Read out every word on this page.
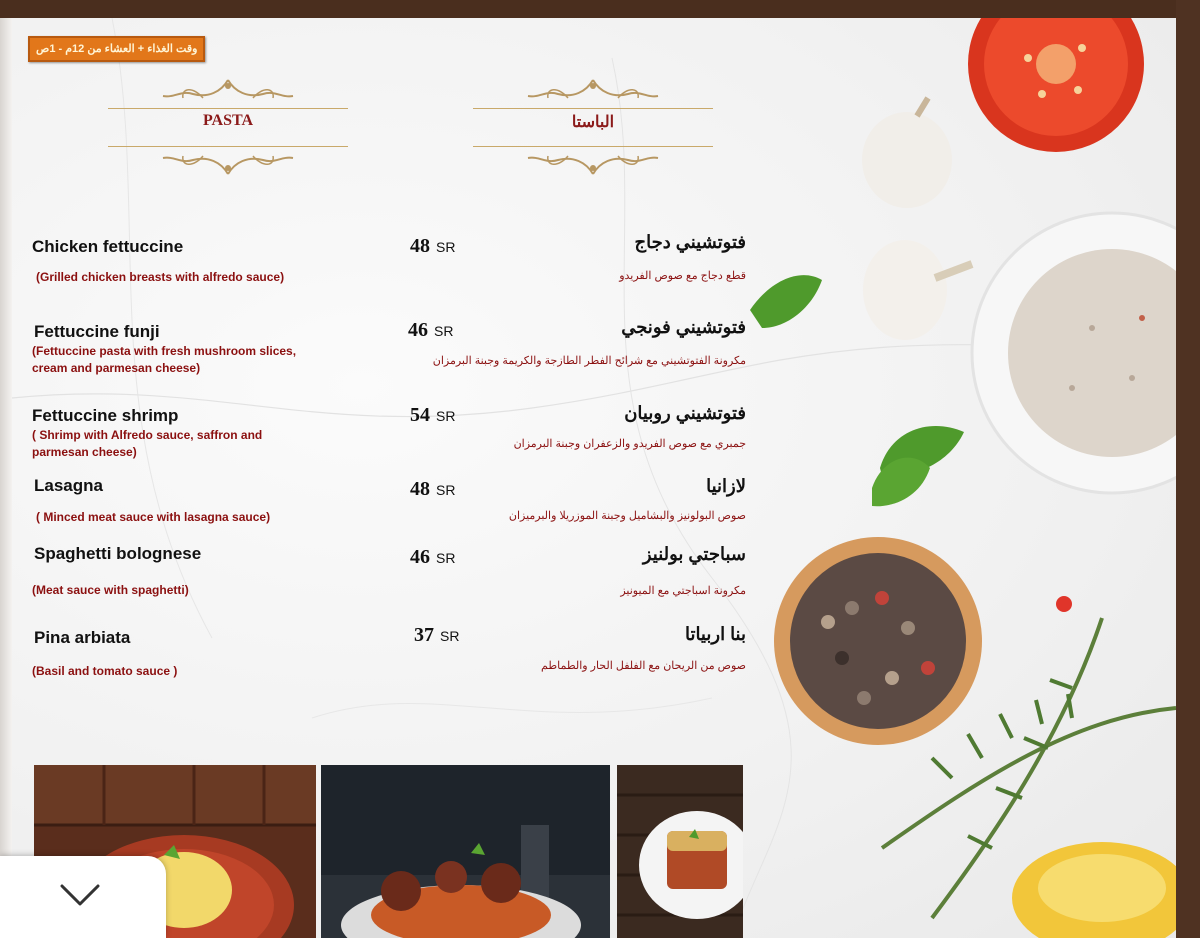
وقت الغذاء + العشاء من 12م - 1ص
PASTA	الباستا
Chicken fettuccine
(Grilled chicken breasts with alfredo sauce)
48 SR	فتوتشيني دجاج
قطع دجاج مع صوص الفريدو
Fettuccine funji
(Fettuccine pasta with fresh mushroom slices,
cream and parmesan cheese)
46 SR	فتوتشيني فونجي
مكرونة الفتوتشيني مع شرائح الفطر الطازجة والكريمة وجبنة البرمزان
Fettuccine shrimp
( Shrimp with Alfredo sauce, saffron and
parmesan cheese)
54 SR	فتوتشيني روبيان
جمبري مع صوص الفريدو والزعفران وجبنة البرمزان
Lasagna
( Minced meat sauce with lasagna sauce)
48 SR	لازانيا
صوص البولونيز والبشاميل وجبنة الموزريلا والبرميزان
Spaghetti bolognese
(Meat sauce with spaghetti)
46 SR	سباجتي بولنيز
مكرونة اسباجتي مع الميونيز
Pina arbiata
(Basil and tomato sauce )
37 SR	بنا اربياتا
صوص من الريحان مع الفلفل الحار والطماطم
